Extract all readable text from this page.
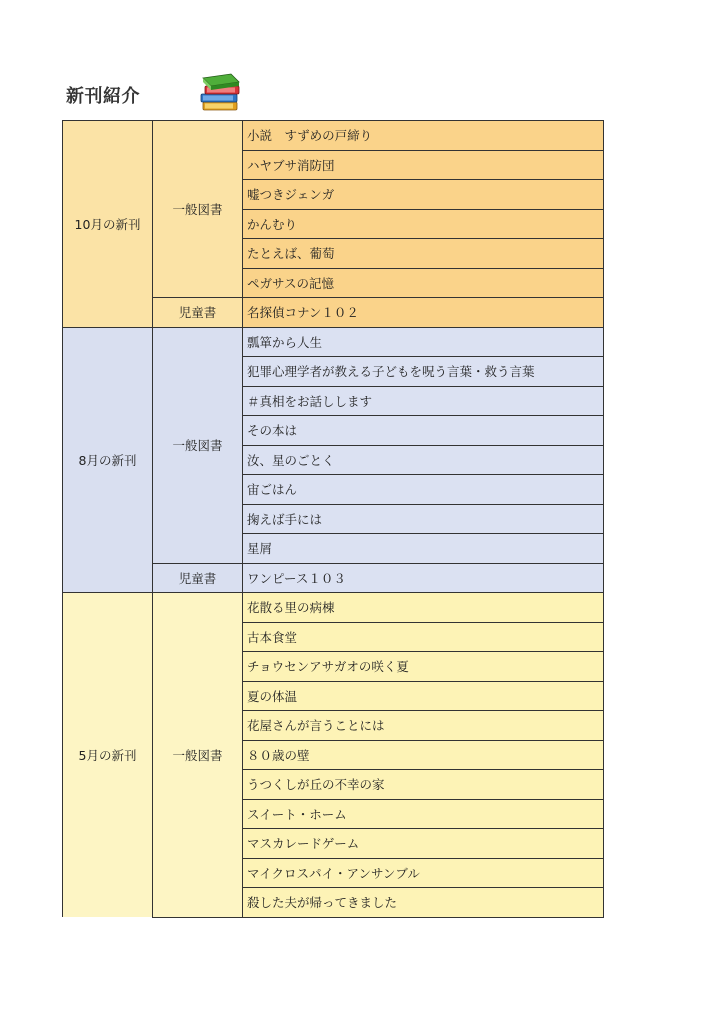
新刊紹介
10月の新刊	一般図書	小説　すずめの戸締り
		ハヤブサ消防団
		嘘つきジェンガ
		かんむり
		たとえば、葡萄
		ペガサスの記憶
	児童書	名探偵コナン１０２
8月の新刊	一般図書	瓢箪から人生
		犯罪心理学者が教える子どもを呪う言葉・救う言葉
		＃真相をお話しします
		その本は
		汝、星のごとく
		宙ごはん
		掬えば手には
		星屑
	児童書	ワンピース１０３
5月の新刊	一般図書	花散る里の病棟
		古本食堂
		チョウセンアサガオの咲く夏
		夏の体温
		花屋さんが言うことには
		８０歳の壁
		うつくしが丘の不幸の家
		スイート・ホーム
		マスカレードゲーム
		マイクロスパイ・アンサンブル
		殺した夫が帰ってきました
